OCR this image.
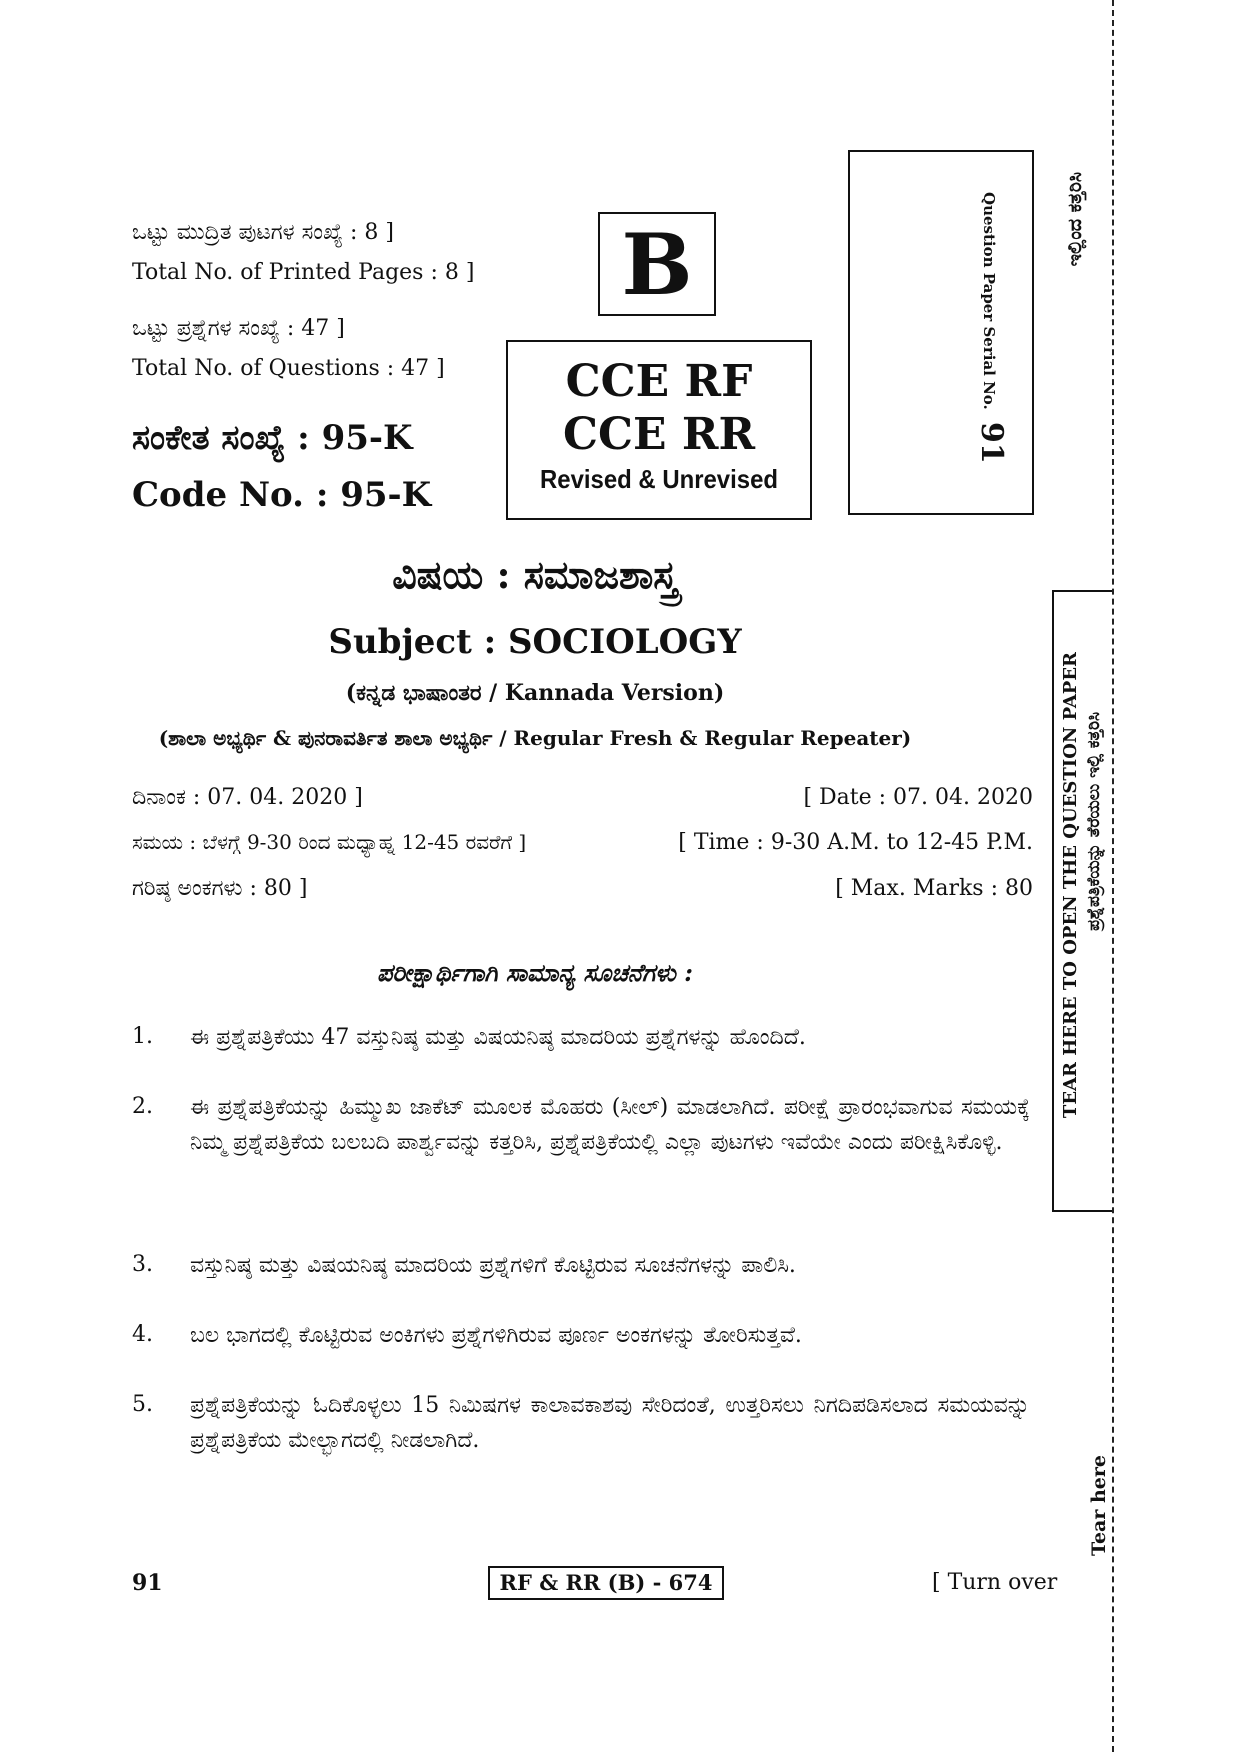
ಒಟ್ಟು ಮುದ್ರಿತ ಪುಟಗಳ ಸಂಖ್ಯೆ : 8 ]
Total No. of Printed Pages : 8 ]
ಒಟ್ಟು ಪ್ರಶ್ನೆಗಳ ಸಂಖ್ಯೆ : 47 ]
Total No. of Questions : 47 ]
ಸಂಕೇತ ಸಂಖ್ಯೆ : 95-K
Code No. : 95-K
B
CCE RF
CCE RR
Revised & Unrevised
Question Paper Serial No.
91
ವಿಷಯ : ಸಮಾಜಶಾಸ್ತ್ರ
Subject : SOCIOLOGY
(ಕನ್ನಡ ಭಾಷಾಂತರ / Kannada Version)
(ಶಾಲಾ ಅಭ್ಯರ್ಥಿ & ಪುನರಾವರ್ತಿತ ಶಾಲಾ ಅಭ್ಯರ್ಥಿ / Regular Fresh & Regular Repeater)
ದಿನಾಂಕ : 07. 04. 2020 ]	[ Date : 07. 04. 2020
ಸಮಯ : ಬೆಳಗ್ಗೆ 9-30 ರಿಂದ ಮಧ್ಯಾಹ್ನ 12-45 ರವರೆಗೆ ]	[ Time : 9-30 A.M. to 12-45 P.M.
ಗರಿಷ್ಠ ಅಂಕಗಳು : 80 ]	[ Max. Marks : 80
ಪರೀಕ್ಷಾರ್ಥಿಗಾಗಿ ಸಾಮಾನ್ಯ ಸೂಚನೆಗಳು :
1. ಈ ಪ್ರಶ್ನೆಪತ್ರಿಕೆಯು 47 ವಸ್ತುನಿಷ್ಠ ಮತ್ತು ವಿಷಯನಿಷ್ಠ ಮಾದರಿಯ ಪ್ರಶ್ನೆಗಳನ್ನು ಹೊಂದಿದೆ.
2. ಈ ಪ್ರಶ್ನೆಪತ್ರಿಕೆಯನ್ನು ಹಿಮ್ಮುಖ ಜಾಕೆಟ್ ಮೂಲಕ ಮೊಹರು (ಸೀಲ್) ಮಾಡಲಾಗಿದೆ. ಪರೀಕ್ಷೆ ಪ್ರಾರಂಭವಾಗುವ ಸಮಯಕ್ಕೆ ನಿಮ್ಮ ಪ್ರಶ್ನೆಪತ್ರಿಕೆಯ ಬಲಬದಿ ಪಾರ್ಶ್ವವನ್ನು ಕತ್ತರಿಸಿ, ಪ್ರಶ್ನೆಪತ್ರಿಕೆಯಲ್ಲಿ ಎಲ್ಲಾ ಪುಟಗಳು ಇವೆಯೇ ಎಂದು ಪರೀಕ್ಷಿಸಿಕೊಳ್ಳಿ.
3. ವಸ್ತುನಿಷ್ಠ ಮತ್ತು ವಿಷಯನಿಷ್ಠ ಮಾದರಿಯ ಪ್ರಶ್ನೆಗಳಿಗೆ ಕೊಟ್ಟಿರುವ ಸೂಚನೆಗಳನ್ನು ಪಾಲಿಸಿ.
4. ಬಲ ಭಾಗದಲ್ಲಿ ಕೊಟ್ಟಿರುವ ಅಂಕಿಗಳು ಪ್ರಶ್ನೆಗಳಿಗಿರುವ ಪೂರ್ಣ ಅಂಕಗಳನ್ನು ತೋರಿಸುತ್ತವೆ.
5. ಪ್ರಶ್ನೆಪತ್ರಿಕೆಯನ್ನು ಓದಿಕೊಳ್ಳಲು 15 ನಿಮಿಷಗಳ ಕಾಲಾವಕಾಶವು ಸೇರಿದಂತೆ, ಉತ್ತರಿಸಲು ನಿಗದಿಪಡಿಸಲಾದ ಸಮಯವನ್ನು ಪ್ರಶ್ನೆಪತ್ರಿಕೆಯ ಮೇಲ್ಭಾಗದಲ್ಲಿ ನೀಡಲಾಗಿದೆ.
91	RF & RR (B) - 674	[ Turn over
ಇಲ್ಲಿಂದ ಕತ್ತರಿಸಿ
TEAR HERE TO OPEN THE QUESTION PAPER ಪ್ರಶ್ನೆಪತ್ರಿಕೆಯನ್ನು ತೆರೆಯಲು ಇಲ್ಲಿ ಕತ್ತರಿಸಿ
Tear here
